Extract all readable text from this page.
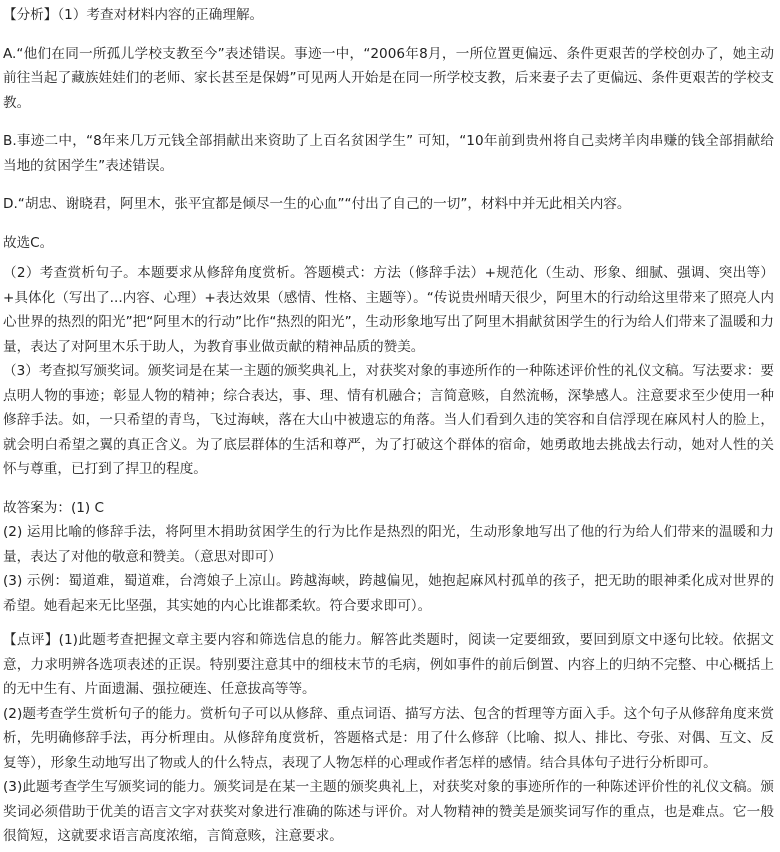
【分析】（1）考查对材料内容的正确理解。

A.“他们在同一所孤儿学校支教至今”表述错误。事迹一中，“2006年8月，一所位置更偏远、条件更艰苦的学校创办了，她主动前往当起了藏族娃娃们的老师、家长甚至是保姆”可见两人开始是在同一所学校支教，后来妻子去了更偏远、条件更艰苦的学校支教。

B.事迹二中，“8年来几万元钱全部捐献出来资助了上百名贫困学生” 可知，“10年前到贵州将自己卖烤羊肉串赚的钱全部捐献给当地的贫困学生”表述错误。

D.“胡忠、谢晓君，阿里木，张平宜都是倾尽一生的心血”“付出了自己的一切”，材料中并无此相关内容。

故选C。

（2）考查赏析句子。本题要求从修辞角度赏析。答题模式：方法（修辞手法）+规范化（生动、形象、细腻、强调、突出等）+具体化（写出了...内容、心理）+表达效果（感情、性格、主题等）。“传说贵州晴天很少，阿里木的行动给这里带来了照亮人内心世界的热烈的阳光”把“阿里木的行动”比作“热烈的阳光”，生动形象地写出了阿里木捐献贫困学生的行为给人们带来了温暖和力量，表达了对阿里木乐于助人，为教育事业做贡献的精神品质的赞美。

（3）考查拟写颁奖词。颁奖词是在某一主题的颁奖典礼上，对获奖对象的事迹所作的一种陈述评价性的礼仪文稿。写法要求：要点明人物的事迹；彰显人物的精神；综合表达，事、理、情有机融合；言简意赅，自然流畅，深挚感人。注意要求至少使用一种修辞手法。如，一只希望的青鸟，飞过海峡，落在大山中被遗忘的角落。当人们看到久违的笑容和自信浮现在麻风村人的脸上，就会明白希望之翼的真正含义。为了底层群体的生活和尊严，为了打破这个群体的宿命，她勇敢地去挑战去行动，她对人性的关怀与尊重，已打到了捍卫的程度。

故答案为：(1) C

(2) 运用比喻的修辞手法，将阿里木捐助贫困学生的行为比作是热烈的阳光，生动形象地写出了他的行为给人们带来的温暖和力量，表达了对他的敬意和赞美。（意思对即可）

(3) 示例：蜀道难，蜀道难，台湾娘子上凉山。跨越海峡，跨越偏见，她抱起麻风村孤单的孩子，把无助的眼神柔化成对世界的希望。她看起来无比坚强，其实她的内心比谁都柔软。符合要求即可）。

【点评】(1)此题考查把握文章主要内容和筛选信息的能力。解答此类题时，阅读一定要细致，要回到原文中逐句比较。依据文意，力求明辨各选项表述的正误。特别要注意其中的细枝末节的毛病，例如事件的前后倒置、内容上的归纳不完整、中心概括上的无中生有、片面遗漏、强拉硬连、任意拔高等等。

(2)题考查学生赏析句子的能力。赏析句子可以从修辞、重点词语、描写方法、包含的哲理等方面入手。这个句子从修辞角度来赏析，先明确修辞手法，再分析理由。从修辞角度赏析，答题格式是：用了什么修辞（比喻、拟人、排比、夸张、对偶、互文、反复等），形象生动地写出了物或人的什么特点，表现了人物怎样的心理或作者怎样的感情。结合具体句子进行分析即可。

(3)此题考查学生写颁奖词的能力。颁奖词是在某一主题的颁奖典礼上，对获奖对象的事迹所作的一种陈述评价性的礼仪文稿。颁奖词必须借助于优美的语言文字对获奖对象进行准确的陈述与评价。对人物精神的赞美是颁奖词写作的重点，也是难点。它一般很简短，这就要求语言高度浓缩，言简意赅，注意要求。
